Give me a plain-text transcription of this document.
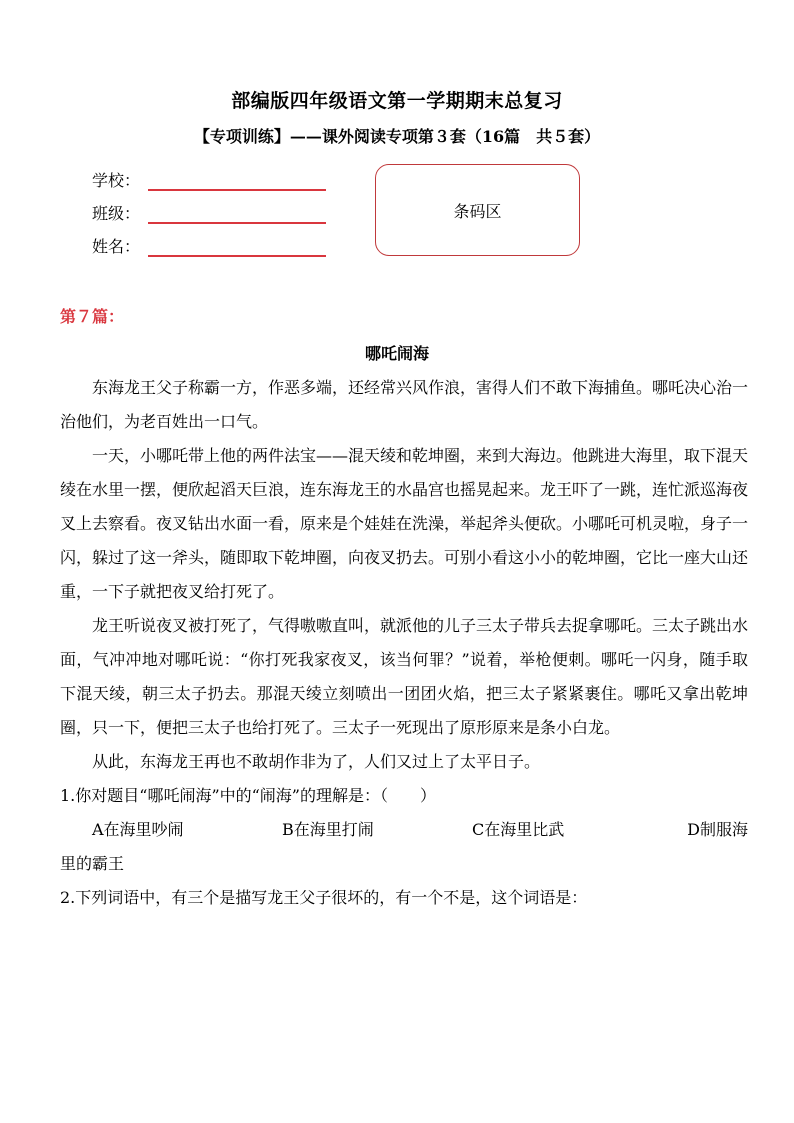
部编版四年级语文第一学期期末总复习
【专项训练】——课外阅读专项第３套（16篇　共５套）
学校：
班级：
姓名：
条码区
第７篇：
哪吒闹海

东海龙王父子称霸一方，作恶多端，还经常兴风作浪，害得人们不敢下海捕鱼。哪吒决心治一治他们，为老百姓出一口气。

一天，小哪吒带上他的两件法宝——混天绫和乾坤圈，来到大海边。他跳进大海里，取下混天绫在水里一摆，便欣起滔天巨浪，连东海龙王的水晶宫也摇晃起来。龙王吓了一跳，连忙派巡海夜叉上去察看。夜叉钻出水面一看，原来是个娃娃在洗澡，举起斧头便砍。小哪吒可机灵啦，身子一闪，躲过了这一斧头，随即取下乾坤圈，向夜叉扔去。可别小看这小小的乾坤圈，它比一座大山还重，一下子就把夜叉给打死了。

龙王听说夜叉被打死了，气得嗷嗷直叫，就派他的儿子三太子带兵去捉拿哪吒。三太子跳出水面，气冲冲地对哪吒说：“你打死我家夜叉，该当何罪？”说着，举枪便刺。哪吒一闪身，随手取下混天绫，朝三太子扔去。那混天绫立刻喷出一团团火焰，把三太子紧紧裹住。哪吒又拿出乾坤圈，只一下，便把三太子也给打死了。三太子一死现出了原形原来是条小白龙。

从此，东海龙王再也不敢胡作非为了，人们又过上了太平日子。

1.你对题目“哪吒闹海”中的“闹海”的理解是：（　　）
A在海里吵闹	B在海里打闹	C在海里比武	D制服海
里的霸王
2.下列词语中，有三个是描写龙王父子很坏的，有一个不是，这个词语是：
